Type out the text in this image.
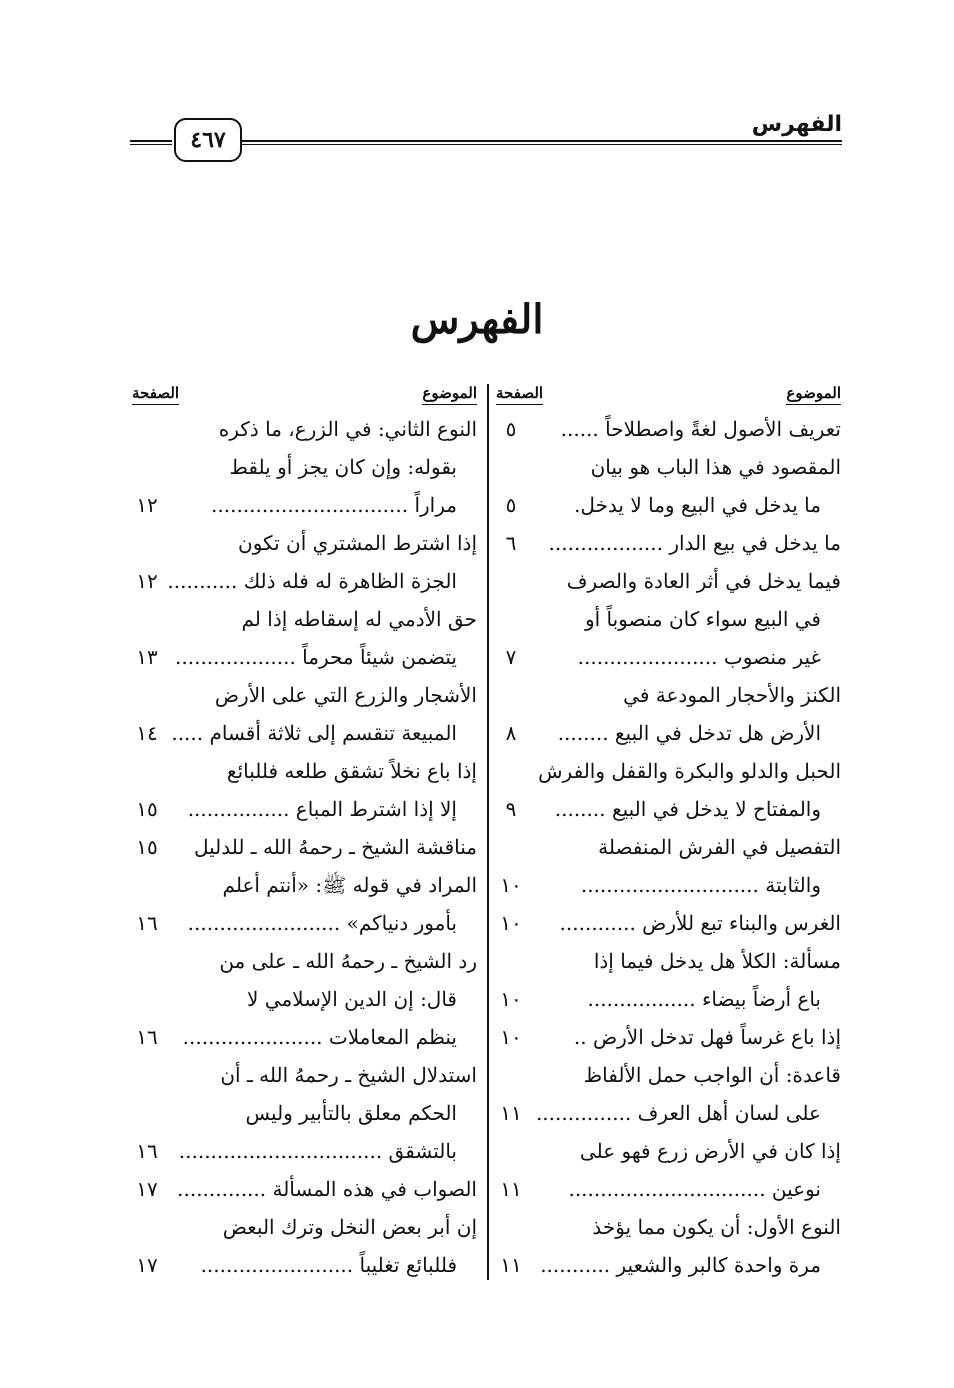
الفهرس
٤٦٧
الفهرس
الموضوع
الصفحة
تعريف الأصول لغةً واصطلاحاً ......
٥
المقصود في هذا الباب هو بيان
ما يدخل في البيع وما لا يدخل.
٥
ما يدخل في بيع الدار ..................
٦
فيما يدخل في أثر العادة والصرف
في البيع سواء كان منصوباً أو
غير منصوب ......................
٧
الكنز والأحجار المودعة في
الأرض هل تدخل في البيع ........
٨
الحبل والدلو والبكرة والقفل والفرش
والمفتاح لا يدخل في البيع ........
٩
التفصيل في الفرش المنفصلة
والثابتة ............................
١٠
الغرس والبناء تبع للأرض ............
١٠
مسألة: الكلأ هل يدخل فيما إذا
باع أرضاً بيضاء .................
١٠
إذا باع غرساً فهل تدخل الأرض ..
١٠
قاعدة: أن الواجب حمل الألفاظ
على لسان أهل العرف ...............
١١
إذا كان في الأرض زرع فهو على
نوعين ...............................
١١
النوع الأول: أن يكون مما يؤخذ
مرة واحدة كالبر والشعير ...........
١١
الموضوع
الصفحة
النوع الثاني: في الزرع، ما ذكره
بقوله: وإن كان يجز أو يلقط
مراراً ...............................
١٢
إذا اشترط المشتري أن تكون
الجزة الظاهرة له فله ذلك ...........
١٢
حق الأدمي له إسقاطه إذا لم
يتضمن شيئاً محرماً ...................
١٣
الأشجار والزرع التي على الأرض
المبيعة تنقسم إلى ثلاثة أقسام .....
١٤
إذا باع نخلاً تشقق طلعه فللبائع
إلا إذا اشترط المباع ................
١٥
مناقشة الشيخ ـ رحمهُ الله ـ للدليل
١٥
المراد في قوله ﷺ: «أنتم أعلم
بأمور دنياكم» ........................
١٦
رد الشيخ ـ رحمهُ الله ـ على من
قال: إن الدين الإسلامي لا
ينظم المعاملات ......................
١٦
استدلال الشيخ ـ رحمهُ الله ـ أن
الحكم معلق بالتأبير وليس
بالتشقق ................................
١٦
الصواب في هذه المسألة ..............
١٧
إن أبر بعض النخل وترك البعض
فللبائع تغليباً ........................
١٧
